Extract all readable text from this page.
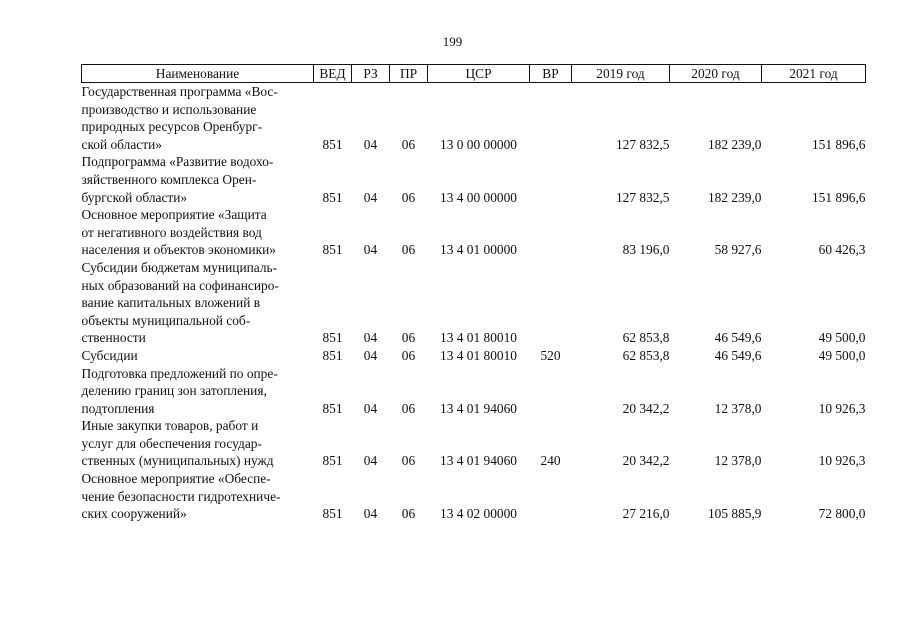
199
Наименование	ВЕД	РЗ	ПР	ЦСР	ВР	2019 год	2020 год	2021 год
Государственная программа «Вос-
производство и использование
природных ресурсов Оренбург-
ской области»	851	04	06	13 0 00 00000		127 832,5	182 239,0	151 896,6
Подпрограмма «Развитие водохо-
зяйственного комплекса Орен-
бургской области»	851	04	06	13 4 00 00000		127 832,5	182 239,0	151 896,6
Основное мероприятие «Защита
от негативного воздействия вод
населения и объектов экономики»	851	04	06	13 4 01 00000		83 196,0	58 927,6	60 426,3
Субсидии бюджетам муниципаль-
ных образований на софинансиро-
вание капитальных вложений в
объекты муниципальной соб-
ственности	851	04	06	13 4 01 80010		62 853,8	46 549,6	49 500,0
Субсидии	851	04	06	13 4 01 80010	520	62 853,8	46 549,6	49 500,0
Подготовка предложений по опре-
делению границ зон затопления,
подтопления	851	04	06	13 4 01 94060		20 342,2	12 378,0	10 926,3
Иные закупки товаров, работ и
услуг для обеспечения государ-
ственных (муниципальных) нужд	851	04	06	13 4 01 94060	240	20 342,2	12 378,0	10 926,3
Основное мероприятие «Обеспе-
чение безопасности гидротехниче-
ских сооружений»	851	04	06	13 4 02 00000		27 216,0	105 885,9	72 800,0
